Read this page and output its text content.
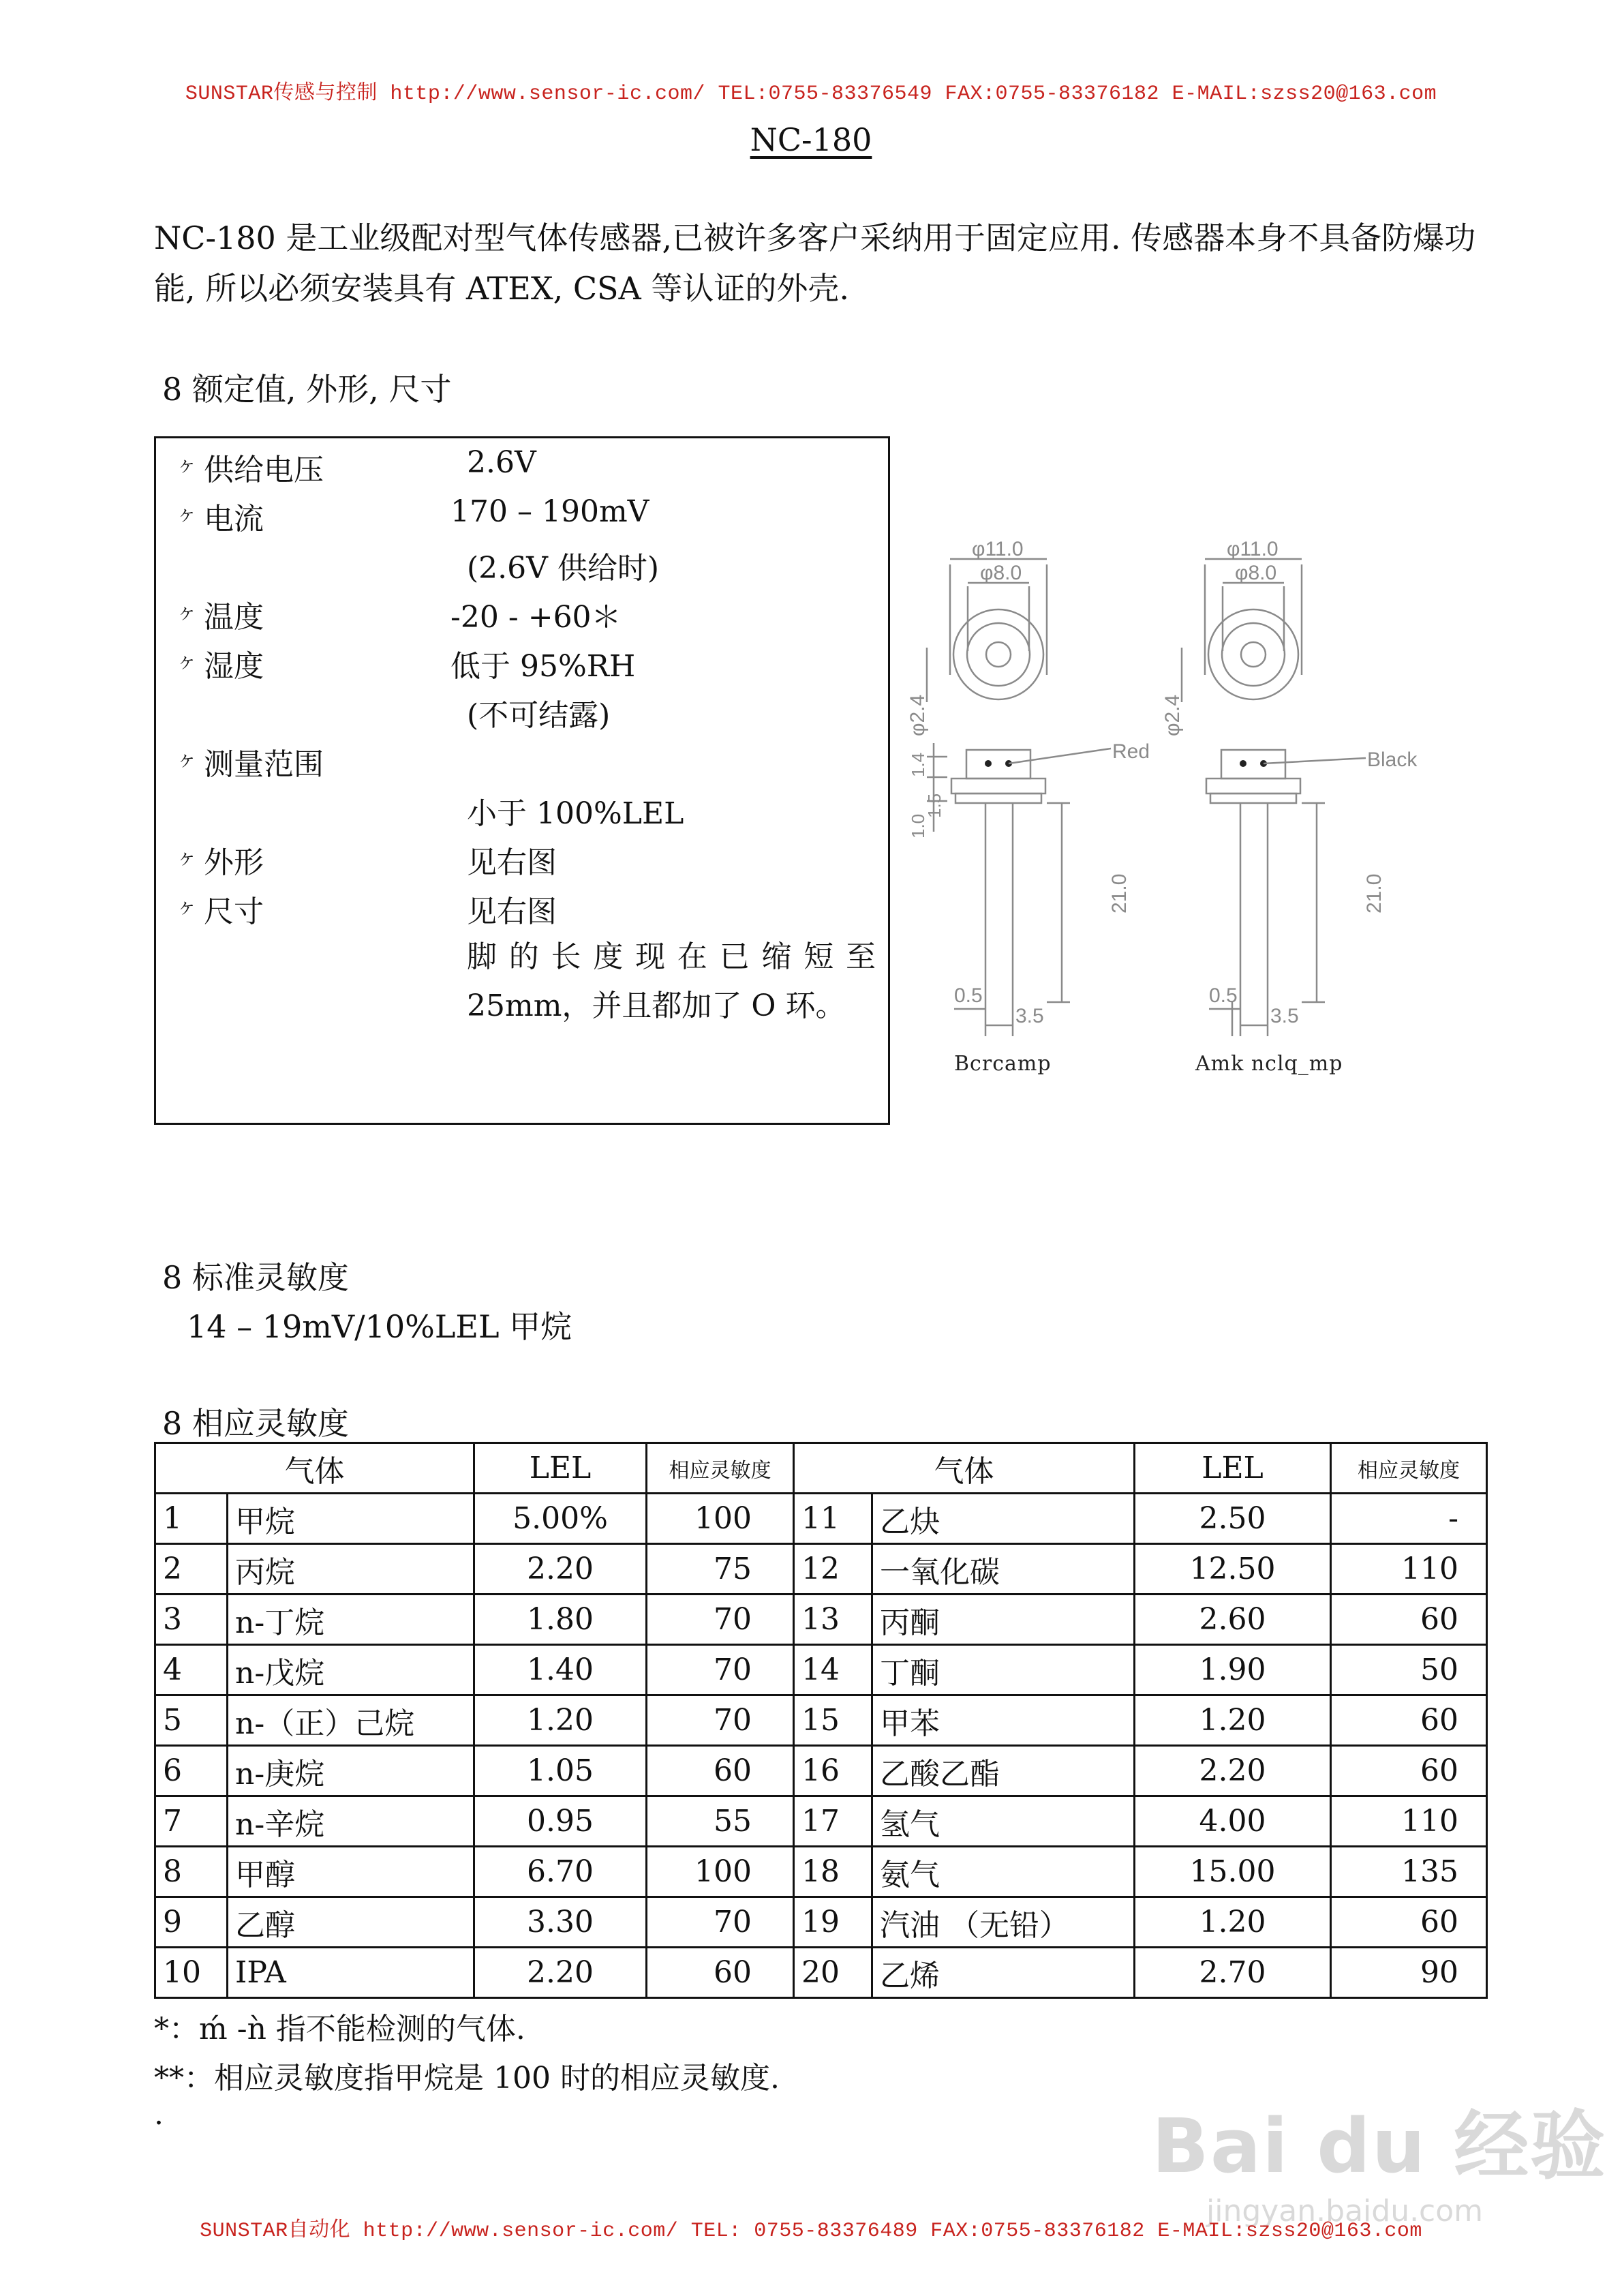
SUNSTAR传感与控制 http://www.sensor-ic.com/ TEL:0755-83376549 FAX:0755-83376182 E-MAIL:szss20@163.com
NC-180
NC-180 是工业级配对型气体传感器,已被许多客户采纳用于固定应用. 传感器本身不具备防爆功能, 所以必须安装具有 ATEX, CSA 等认证的外壳.
8 额定值, 外形, 尺寸
$^ヶ$ 供给电压	2.6V
$^ヶ$ 电流	170 – 190mV
(2.6V 供给时)
$^ヶ$ 温度	-20 - +60＊
$^ヶ$ 湿度	低于 95%RH
(不可结露)
$^ヶ$ 测量范围
小于 100%LEL
$^ヶ$ 外形	见右图
$^ヶ$ 尺寸	见右图
脚的长度现在已缩短至 25mm，并且都加了 O 环。
φ11.0
φ8.0
φ11.0
φ8.0
φ2.4	φ2.4
1.0
1.4
1.5
21.0	21.0
0.5	0.5
3.5	3.5
Red	Black
Bcrcamp	Amk nclq_mp
8 标准灵敏度
14 – 19mV/10%LEL 甲烷
8 相应灵敏度
气体		LEL	相应灵敏度	气体		LEL	相应灵敏度
1	甲烷	5.00%	100	11	乙炔	2.50	-
2	丙烷	2.20	75	12	一氧化碳	12.50	110
3	n-丁烷	1.80	70	13	丙酮	2.60	60
4	n-戊烷	1.40	70	14	丁酮	1.90	50
5	n-（正）己烷	1.20	70	15	甲苯	1.20	60
6	n-庚烷	1.05	60	16	乙酸乙酯	2.20	60
7	n-辛烷	0.95	55	17	氢气	4.00	110
8	甲醇	6.70	100	18	氨气	15.00	135
9	乙醇	3.30	70	19	汽油 （无铅）	1.20	60
10	IPA	2.20	60	20	乙烯	2.70	90
*：ḿ -ǹ 指不能检测的气体.
**：相应灵敏度指甲烷是 100 时的相应灵敏度.
.	Bai du 经验
jingyan.baidu.com
SUNSTAR自动化 http://www.sensor-ic.com/ TEL: 0755-83376489 FAX:0755-83376182 E-MAIL:szss20@163.com
